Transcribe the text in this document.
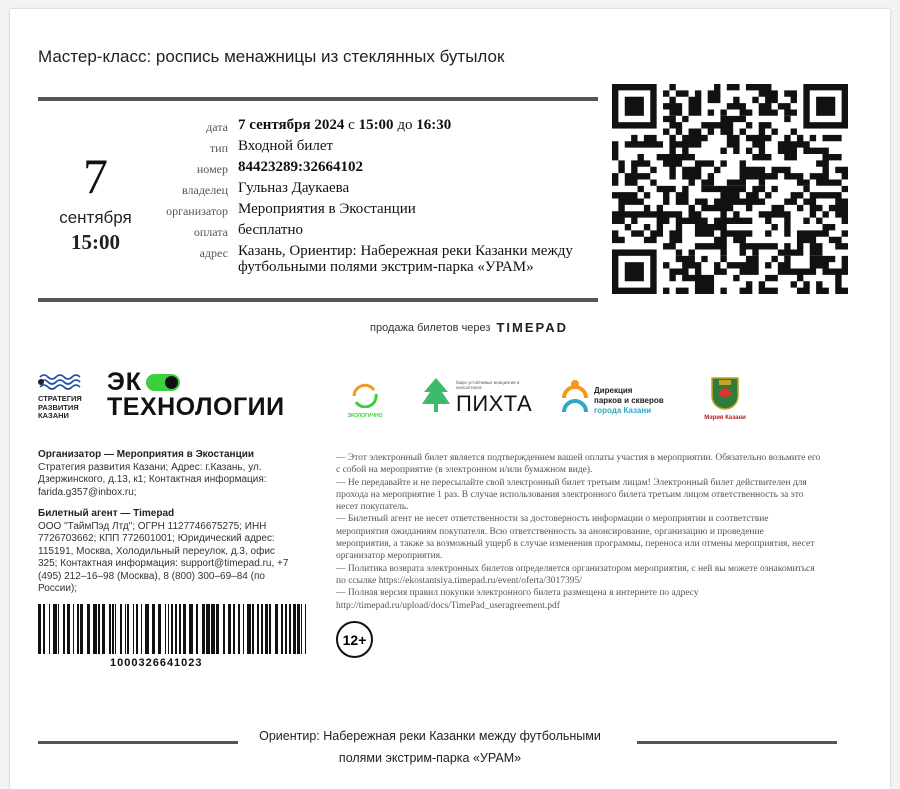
Мастер-класс: роспись менажницы из стеклянных бутылок
7
сентября
15:00
дата 7 сентября 2024 с 15:00 до 16:30
тип Входной билет
номер 84423289:32664102
владелец Гульназ Даукаева
организатор Мероприятия в Экостанции
оплата бесплатно
адрес Казань, Ориентир: Набережная реки Казанки между футбольными полями экстрим-парка «УРАМ»
продажа билетов через TIMEPAD
СТРАТЕГИЯ
РАЗВИТИЯ
КАЗАНИ
ЭК
ТЕХНОЛОГИИ	ЭКОЛОГИЧНО
бюро устойчивых инициатив и консалтинга
ПИХТА
Дирекция
парков и скверов
города Казани
Мэрия Казани
Организатор — Мероприятия в Экостанции
Стратегия развития Казани; Адрес: г.Казань, ул. Дзержинского, д.13, к1; Контактная информация: farida.g357@inbox.ru;
Билетный агент — Timepad
ООО "ТаймПэд Лтд"; ОГРН 1127746675275; ИНН 7726703662; КПП 772601001; Юридический адрес: 115191, Москва, Холодильный переулок, д.3, офис 325; Контактная информация: support@timepad.ru, +7 (495) 212–16–98 (Москва), 8 (800) 300–69–84 (по России);
— Этот электронный билет является подтверждением вашей оплаты участия в мероприятии. Обязательно возьмите его с собой на мероприятие (в электронном и/или бумажном виде).
— Не передавайте и не пересылайте свой электронный билет третьим лицам! Электронный билет действителен для прохода на мероприятие 1 раз. В случае использования электронного билета третьим лицом ответственность за это несет покупатель.
— Билетный агент не несет ответственности за достоверность информации о мероприятии и соответствие мероприятия ожиданиям покупателя. Всю ответственность за анонсирование, организацию и проведение мероприятия, а также за возможный ущерб в случае изменения программы, переноса или отмены мероприятия, несет организатор мероприятия.
— Политика возврата электронных билетов определяется организатором мероприятия, с ней вы можете ознакомиться по ссылке https://ekostantsiya.timepad.ru/event/oferta/3017395/
— Полная версия правил покупки электронного билета размещена в интернете по адресу http://timepad.ru/upload/docs/TimePad_useragreement.pdf
1000326641023
12+
Ориентир: Набережная реки Казанки между футбольными полями экстрим-парка «УРАМ»
